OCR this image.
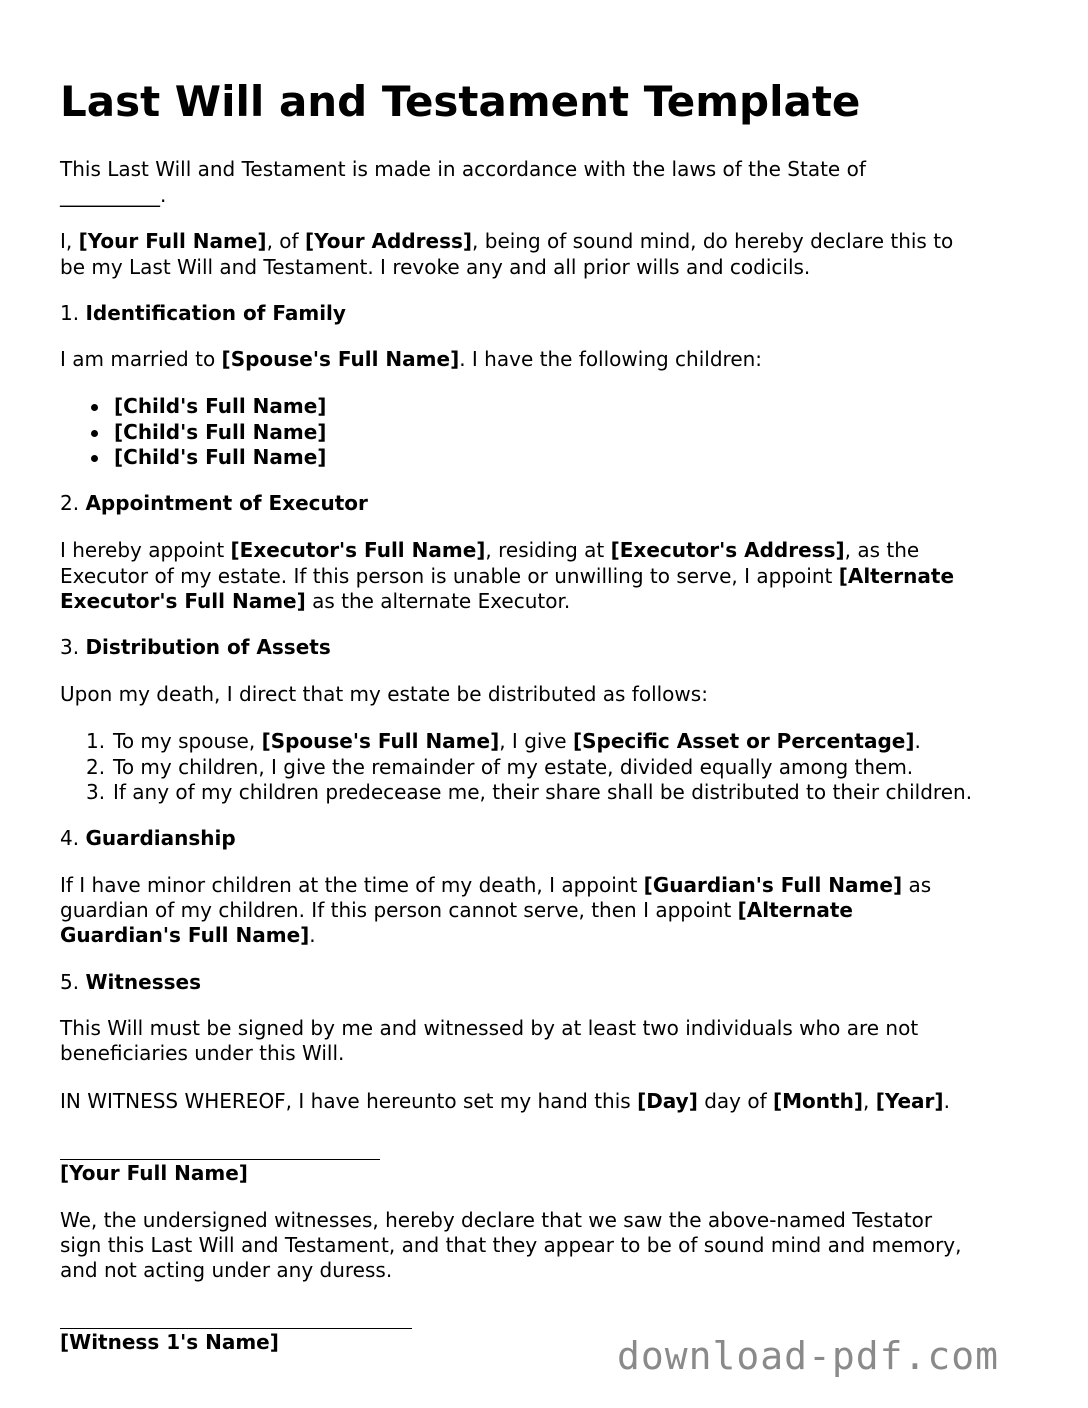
Last Will and Testament Template

This Last Will and Testament is made in accordance with the laws of the State of

__________.

I, [Your Full Name], of [Your Address], being of sound mind, do hereby declare this to

be my Last Will and Testament. I revoke any and all prior wills and codicils.

1. Identification of Family

I am married to [Spouse's Full Name]. I have the following children:

[Child's Full Name]
[Child's Full Name]
[Child's Full Name]

2. Appointment of Executor

I hereby appoint [Executor's Full Name], residing at [Executor's Address], as the

Executor of my estate. If this person is unable or unwilling to serve, I appoint [Alternate

Executor's Full Name] as the alternate Executor.

3. Distribution of Assets

Upon my death, I direct that my estate be distributed as follows:

1. To my spouse, [Spouse's Full Name], I give [Specific Asset or Percentage].
2. To my children, I give the remainder of my estate, divided equally among them.
3. If any of my children predecease me, their share shall be distributed to their children.

4. Guardianship

If I have minor children at the time of my death, I appoint [Guardian's Full Name] as

guardian of my children. If this person cannot serve, then I appoint [Alternate

Guardian's Full Name].

5. Witnesses

This Will must be signed by me and witnessed by at least two individuals who are not

beneficiaries under this Will.

IN WITNESS WHEREOF, I have hereunto set my hand this [Day] day of [Month], [Year].

[Your Full Name]

We, the undersigned witnesses, hereby declare that we saw the above-named Testator

sign this Last Will and Testament, and that they appear to be of sound mind and memory,

and not acting under any duress.

[Witness 1's Name]	download-pdf.com
